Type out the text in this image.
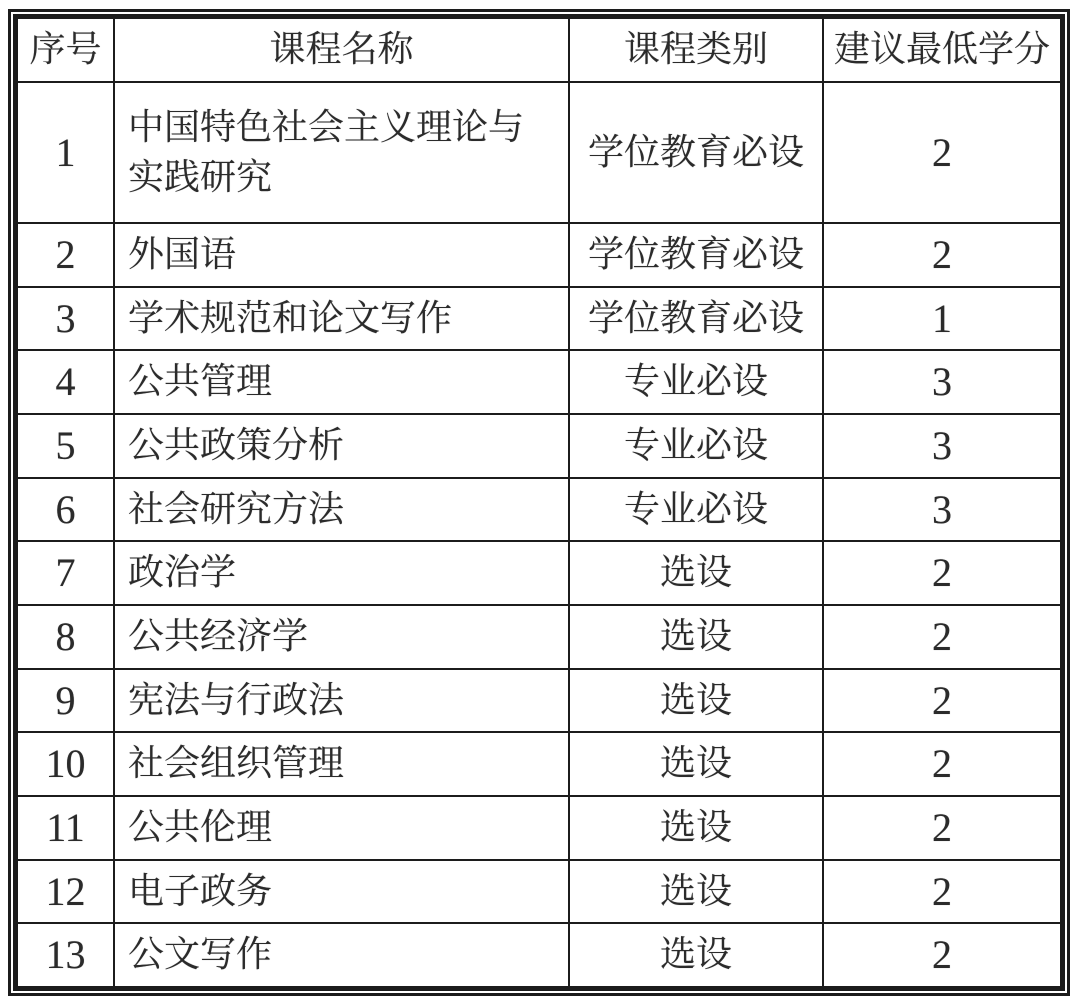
序号	课程名称	课程类别	建议最低学分
1	中国特色社会主义理论与实践研究	学位教育必设	2
2	外国语	学位教育必设	2
3	学术规范和论文写作	学位教育必设	1
4	公共管理	专业必设	3
5	公共政策分析	专业必设	3
6	社会研究方法	专业必设	3
7	政治学	选设	2
8	公共经济学	选设	2
9	宪法与行政法	选设	2
10	社会组织管理	选设	2
11	公共伦理	选设	2
12	电子政务	选设	2
13	公文写作	选设	2
